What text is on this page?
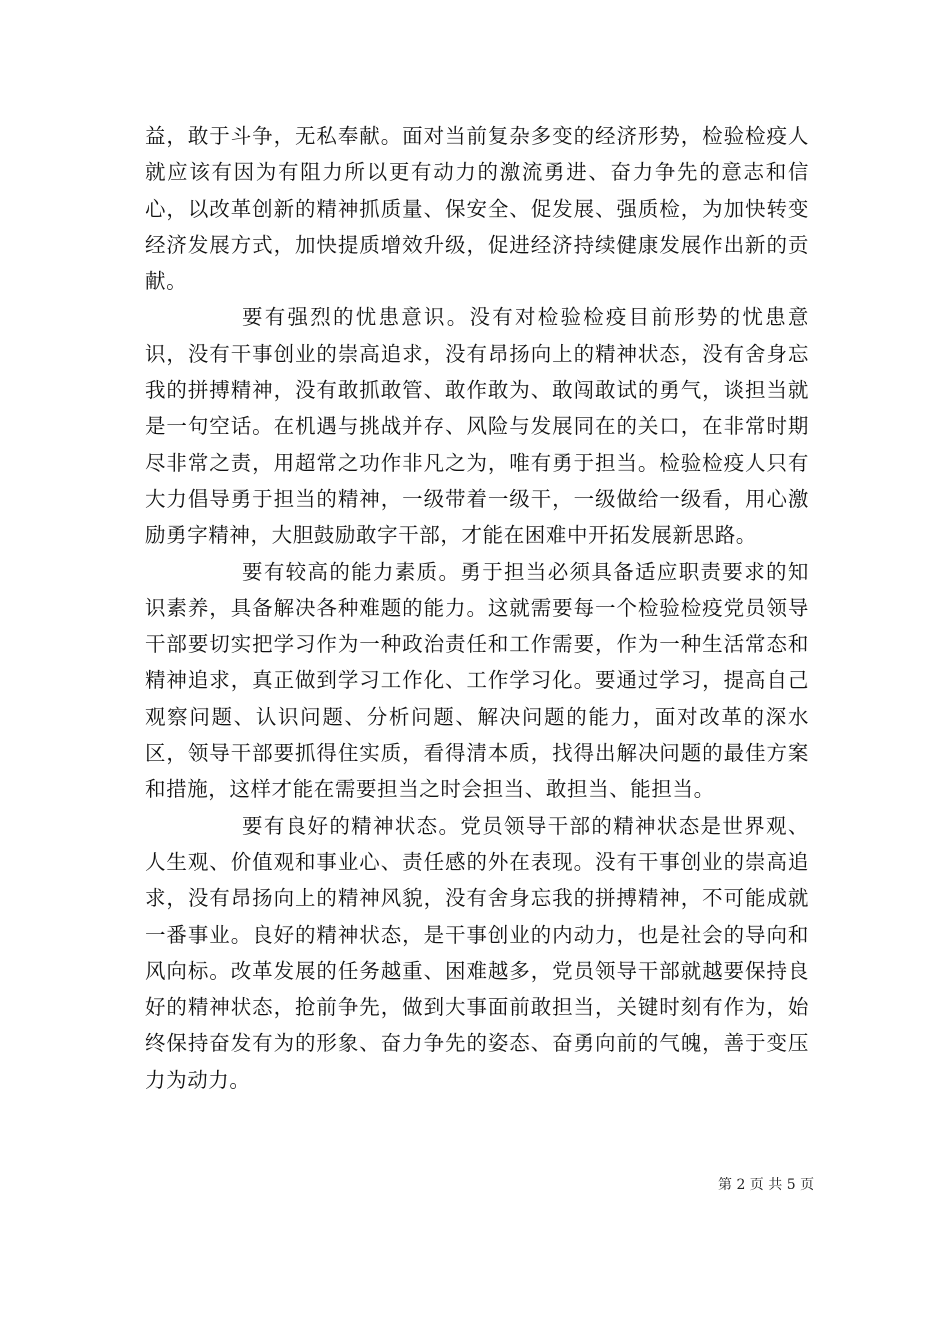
益，敢于斗争，无私奉献。面对当前复杂多变的经济形势，检验检疫人就应该有因为有阻力所以更有动力的激流勇进、奋力争先的意志和信心，以改革创新的精神抓质量、保安全、促发展、强质检，为加快转变经济发展方式，加快提质增效升级，促进经济持续健康发展作出新的贡献。

要有强烈的忧患意识。没有对检验检疫目前形势的忧患意识，没有干事创业的崇高追求，没有昂扬向上的精神状态，没有舍身忘我的拼搏精神，没有敢抓敢管、敢作敢为、敢闯敢试的勇气，谈担当就是一句空话。在机遇与挑战并存、风险与发展同在的关口，在非常时期尽非常之责，用超常之功作非凡之为，唯有勇于担当。检验检疫人只有大力倡导勇于担当的精神，一级带着一级干，一级做给一级看，用心激励勇字精神，大胆鼓励敢字干部，才能在困难中开拓发展新思路。

要有较高的能力素质。勇于担当必须具备适应职责要求的知识素养，具备解决各种难题的能力。这就需要每一个检验检疫党员领导干部要切实把学习作为一种政治责任和工作需要，作为一种生活常态和精神追求，真正做到学习工作化、工作学习化。要通过学习，提高自己观察问题、认识问题、分析问题、解决问题的能力，面对改革的深水区，领导干部要抓得住实质，看得清本质，找得出解决问题的最佳方案和措施，这样才能在需要担当之时会担当、敢担当、能担当。

要有良好的精神状态。党员领导干部的精神状态是世界观、人生观、价值观和事业心、责任感的外在表现。没有干事创业的崇高追求，没有昂扬向上的精神风貌，没有舍身忘我的拼搏精神，不可能成就一番事业。良好的精神状态，是干事创业的内动力，也是社会的导向和风向标。改革发展的任务越重、困难越多，党员领导干部就越要保持良好的精神状态，抢前争先，做到大事面前敢担当，关键时刻有作为，始终保持奋发有为的形象、奋力争先的姿态、奋勇向前的气魄，善于变压力为动力。

第 2 页 共 5 页
